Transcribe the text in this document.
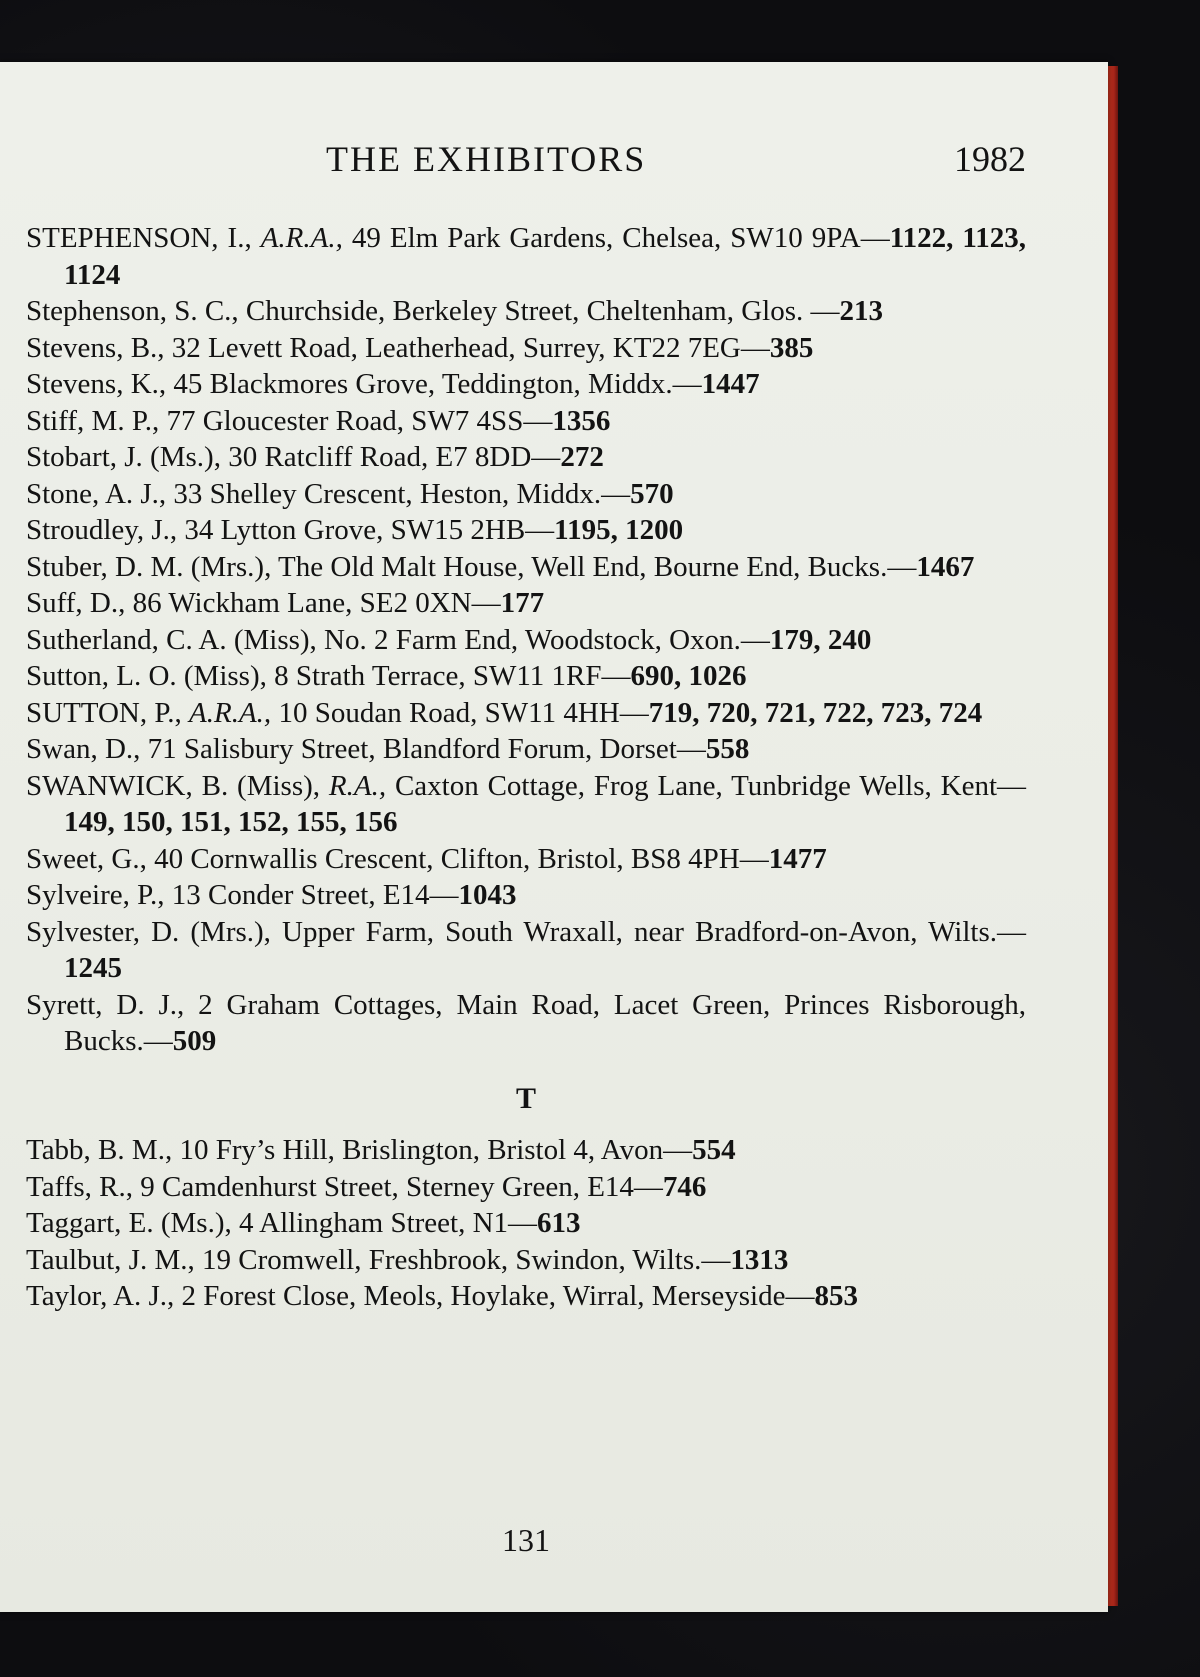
THE EXHIBITORS	1982

STEPHENSON, I., A.R.A., 49 Elm Park Gardens, Chelsea, SW10 9PA—1122, 1123, 1124

Stephenson, S. C., Churchside, Berkeley Street, Cheltenham, Glos. —213

Stevens, B., 32 Levett Road, Leatherhead, Surrey, KT22 7EG—385

Stevens, K., 45 Blackmores Grove, Teddington, Middx.—1447

Stiff, M. P., 77 Gloucester Road, SW7 4SS—1356

Stobart, J. (Ms.), 30 Ratcliff Road, E7 8DD—272

Stone, A. J., 33 Shelley Crescent, Heston, Middx.—570

Stroudley, J., 34 Lytton Grove, SW15 2HB—1195, 1200

Stuber, D. M. (Mrs.), The Old Malt House, Well End, Bourne End, Bucks.—1467

Suff, D., 86 Wickham Lane, SE2 0XN—177

Sutherland, C. A. (Miss), No. 2 Farm End, Woodstock, Oxon.—179, 240

Sutton, L. O. (Miss), 8 Strath Terrace, SW11 1RF—690, 1026

SUTTON, P., A.R.A., 10 Soudan Road, SW11 4HH—719, 720, 721, 722, 723, 724

Swan, D., 71 Salisbury Street, Blandford Forum, Dorset—558

SWANWICK, B. (Miss), R.A., Caxton Cottage, Frog Lane, Tunbridge Wells, Kent—149, 150, 151, 152, 155, 156

Sweet, G., 40 Cornwallis Crescent, Clifton, Bristol, BS8 4PH—1477

Sylveire, P., 13 Conder Street, E14—1043

Sylvester, D. (Mrs.), Upper Farm, South Wraxall, near Bradford-on-Avon, Wilts.—1245

Syrett, D. J., 2 Graham Cottages, Main Road, Lacet Green, Princes Risborough, Bucks.—509

T

Tabb, B. M., 10 Fry’s Hill, Brislington, Bristol 4, Avon—554

Taffs, R., 9 Camdenhurst Street, Sterney Green, E14—746

Taggart, E. (Ms.), 4 Allingham Street, N1—613

Taulbut, J. M., 19 Cromwell, Freshbrook, Swindon, Wilts.—1313

Taylor, A. J., 2 Forest Close, Meols, Hoylake, Wirral, Merseyside—853

131
